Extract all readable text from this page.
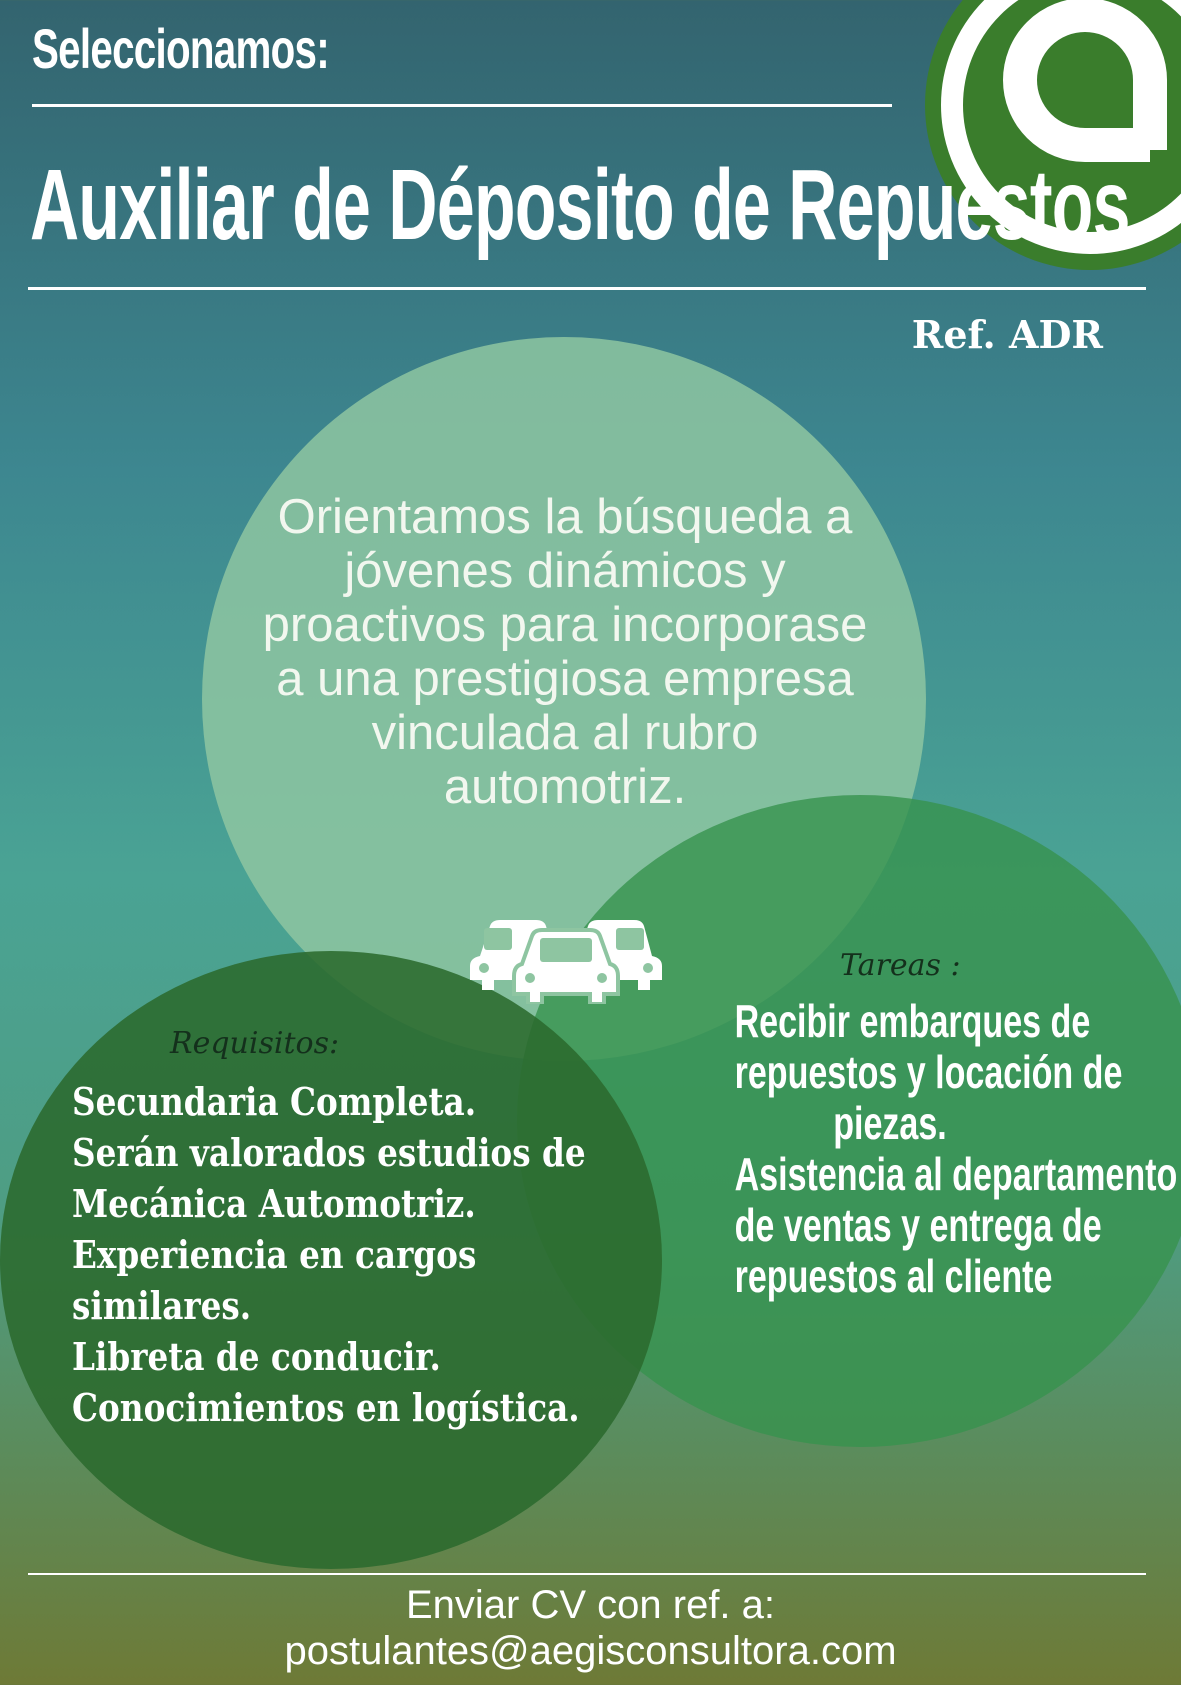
Seleccionamos:
Auxiliar de Déposito de Repuestos
Ref. ADR
Orientamos la búsqueda a jóvenes dinámicos y proactivos para incorporase a una prestigiosa empresa vinculada al rubro automotriz.
Tareas :
Recibir embarques de
repuestos y locación de
piezas.
Asistencia al departamento
de ventas y entrega de
repuestos al cliente
Requisitos:
Secundaria Completa.
Serán valorados estudios de
Mecánica Automotriz.
Experiencia en cargos
similares.
Libreta de conducir.
Conocimientos en logística.
Enviar CV con ref. a:
postulantes@aegisconsultora.com
